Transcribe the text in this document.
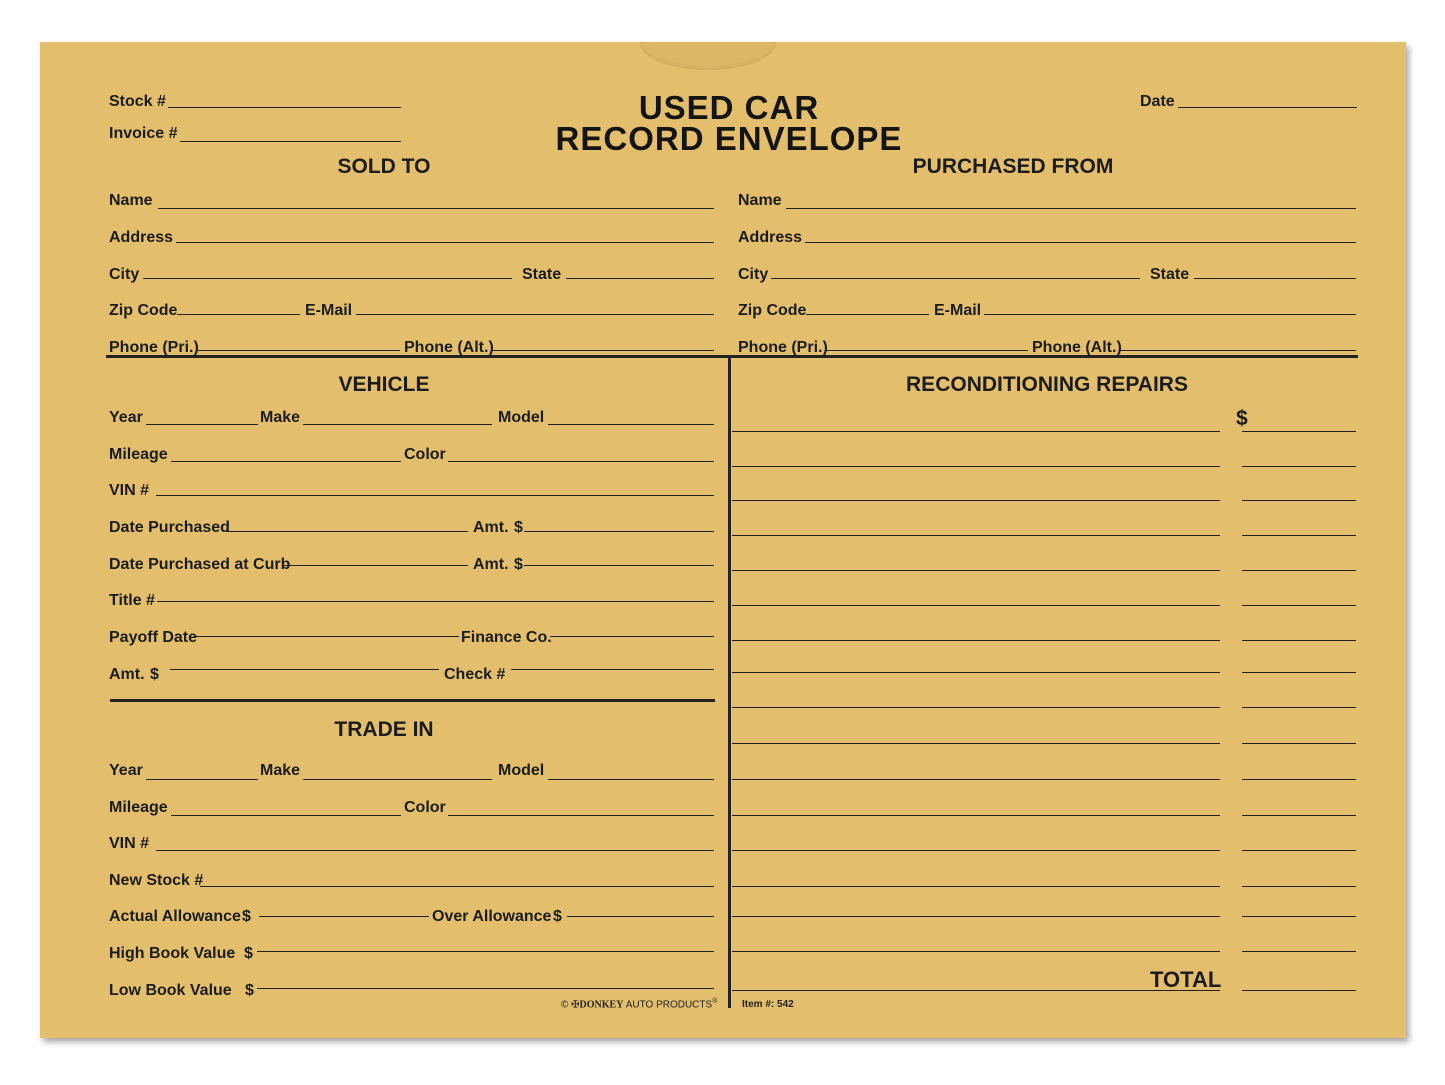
USED CAR
RECORD ENVELOPE
Stock #
Invoice #
Date
SOLD TO
Name
Address
City	State
Zip Code	E-Mail
Phone (Pri.)	Phone (Alt.)
PURCHASED FROM
Name
Address
City	State
Zip Code	E-Mail
Phone (Pri.)	Phone (Alt.)
VEHICLE
Year	Make	Model
Mileage	Color
VIN #
Date Purchased	Amt. $
Date Purchased at Curb	Amt. $
Title #
Payoff Date	Finance Co.
Amt. $	Check #
TRADE IN
Year	Make	Model
Mileage	Color
VIN #
New Stock #
Actual Allowance $	Over Allowance $
High Book Value $
Low Book Value $
RECONDITIONING REPAIRS
$
TOTAL
© ✠DONKEY AUTO PRODUCTS® Item #: 542
